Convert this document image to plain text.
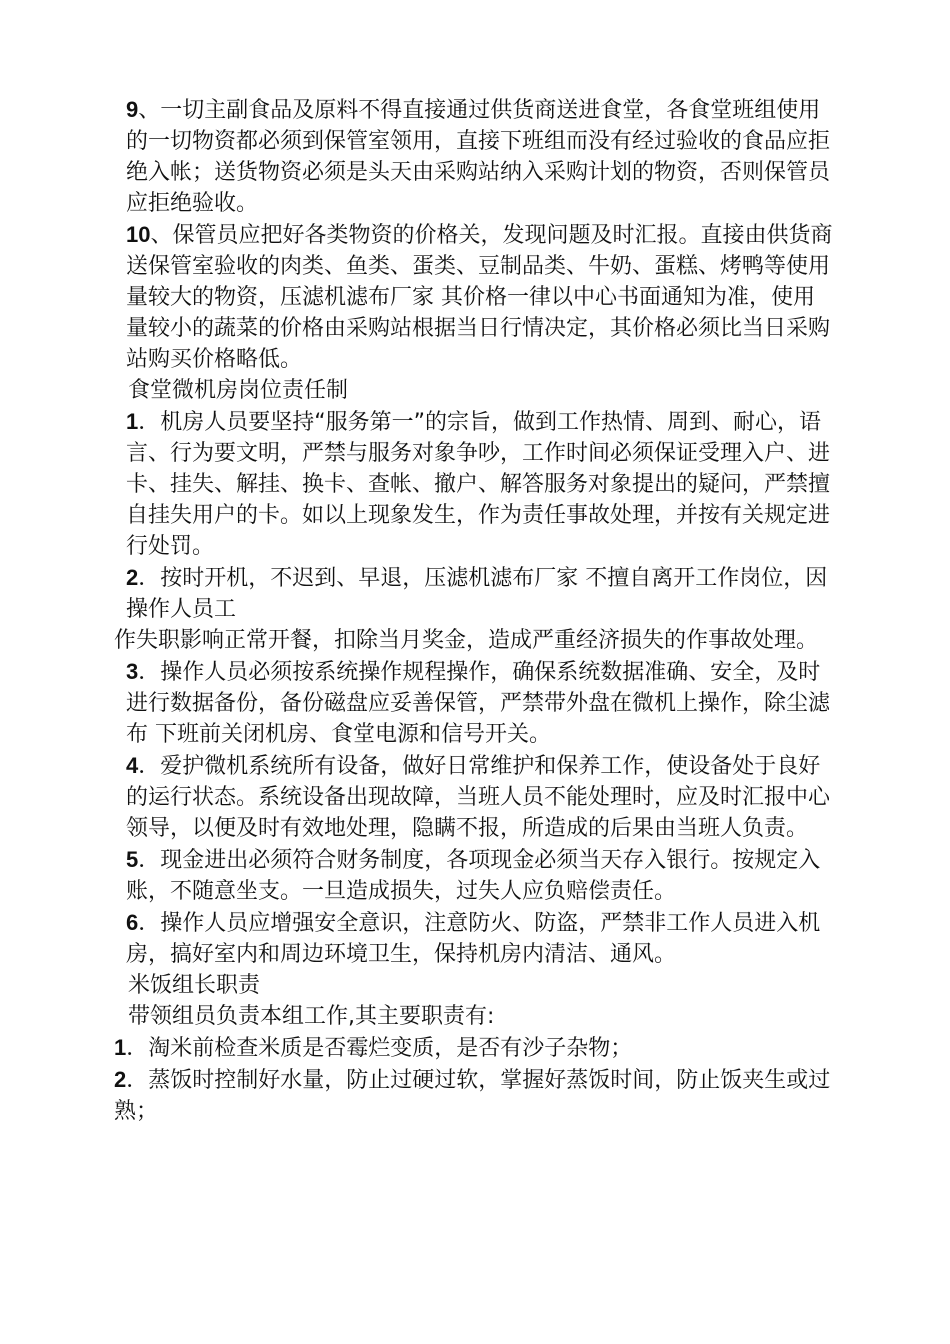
9、一切主副食品及原料不得直接通过供货商送进食堂，各食堂班组使用的一切物资都必须到保管室领用，直接下班组而没有经过验收的食品应拒绝入帐；送货物资必须是头天由采购站纳入采购计划的物资，否则保管员应拒绝验收。

10、保管员应把好各类物资的价格关，发现问题及时汇报。直接由供货商送保管室验收的肉类、鱼类、蛋类、豆制品类、牛奶、蛋糕、烤鸭等使用量较大的物资，压滤机滤布厂家 其价格一律以中心书面通知为准，使用量较小的蔬菜的价格由采购站根据当日行情决定，其价格必须比当日采购站购买价格略低。

食堂微机房岗位责任制

1．机房人员要坚持“服务第一”的宗旨，做到工作热情、周到、耐心，语言、行为要文明，严禁与服务对象争吵，工作时间必须保证受理入户、进卡、挂失、解挂、换卡、查帐、撤户、解答服务对象提出的疑问，严禁擅自挂失用户的卡。如以上现象发生，作为责任事故处理，并按有关规定进行处罚。

2．按时开机，不迟到、早退，压滤机滤布厂家 不擅自离开工作岗位，因操作人员工

作失职影响正常开餐，扣除当月奖金，造成严重经济损失的作事故处理。

3．操作人员必须按系统操作规程操作，确保系统数据准确、安全，及时进行数据备份，备份磁盘应妥善保管，严禁带外盘在微机上操作，除尘滤布 下班前关闭机房、食堂电源和信号开关。

4．爱护微机系统所有设备，做好日常维护和保养工作，使设备处于良好的运行状态。系统设备出现故障，当班人员不能处理时，应及时汇报中心领导，以便及时有效地处理，隐瞒不报，所造成的后果由当班人负责。

5．现金进出必须符合财务制度，各项现金必须当天存入银行。按规定入账，不随意坐支。一旦造成损失，过失人应负赔偿责任。

6．操作人员应增强安全意识，注意防火、防盗，严禁非工作人员进入机房，搞好室内和周边环境卫生，保持机房内清洁、通风。

米饭组长职责

带领组员负责本组工作,其主要职责有:

1．淘米前检查米质是否霉烂变质，是否有沙子杂物；

2．蒸饭时控制好水量，防止过硬过软，掌握好蒸饭时间，防止饭夹生或过熟；
